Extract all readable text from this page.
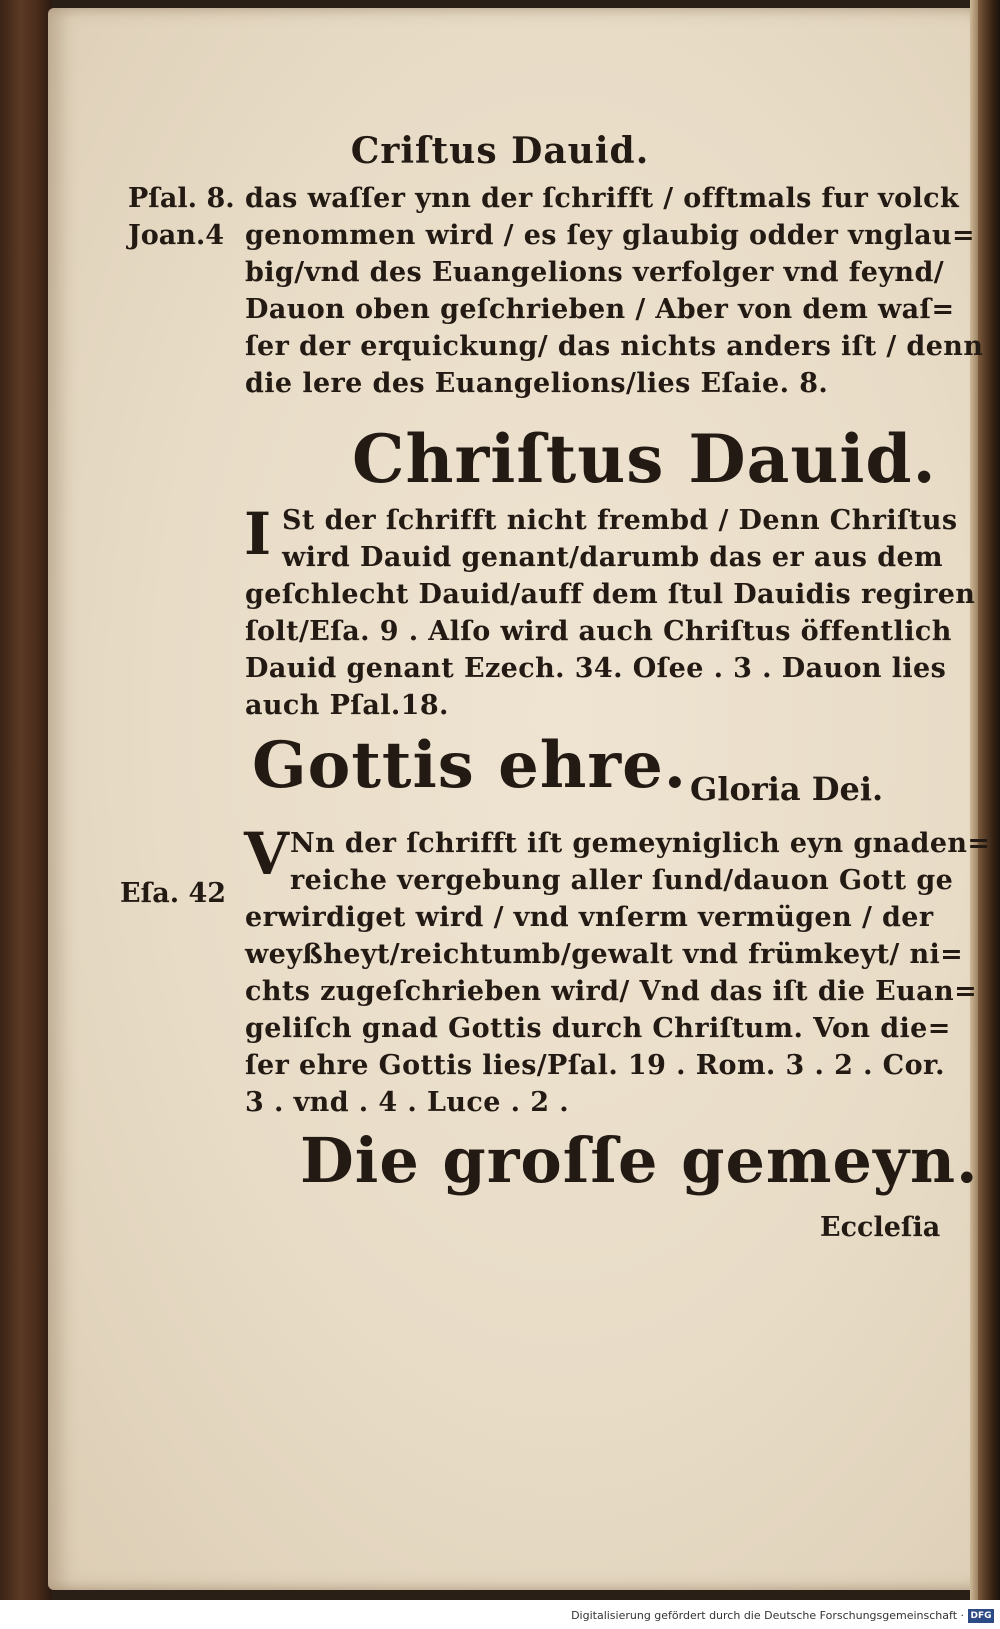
Criſtus Dauid.
Pſal. 8.
Joan.4
das waſſer ynn der ſchrifft / offtmals fur volck
genommen wird / es ſey glaubig odder vnglau=
big/vnd des Euangelions verfolger vnd feynd/
Dauon oben geſchrieben / Aber von dem waſ=
ſer der erquickung/ das nichts anders iſt / denn
die lere des Euangelions/lies Eſaie. 8.
Chriſtus Dauid.
I St der ſchrifft nicht frembd / Denn Chriſtus
wird Dauid genant/darumb das er aus dem
geſchlecht Dauid/auff dem ſtul Dauidis regiren
ſolt/Eſa. 9 . Alſo wird auch Chriſtus öffentlich
Dauid genant Ezech. 34. Oſee . 3 . Dauon lies
auch Pſal.18.
Gottis ehre. Gloria Dei.
Eſa. 42
V Nn der ſchrifft iſt gemeyniglich eyn gnaden=
reiche vergebung aller ſund/dauon Gott ge
erwirdiget wird / vnd vnſerm vermügen / der
weyßheyt/reichtumb/gewalt vnd frümkeyt/ ni=
chts zugeſchrieben wird/ Vnd das iſt die Euan=
geliſch gnad Gottis durch Chriſtum. Von die=
ſer ehre Gottis lies/Pſal. 19 . Rom. 3 . 2 . Cor.
3 . vnd . 4 . Luce . 2 .
Die groſſe gemeyn.
Eccleſia
Digitalisierung gefördert durch die Deutsche Forschungsgemeinschaft · DFG
